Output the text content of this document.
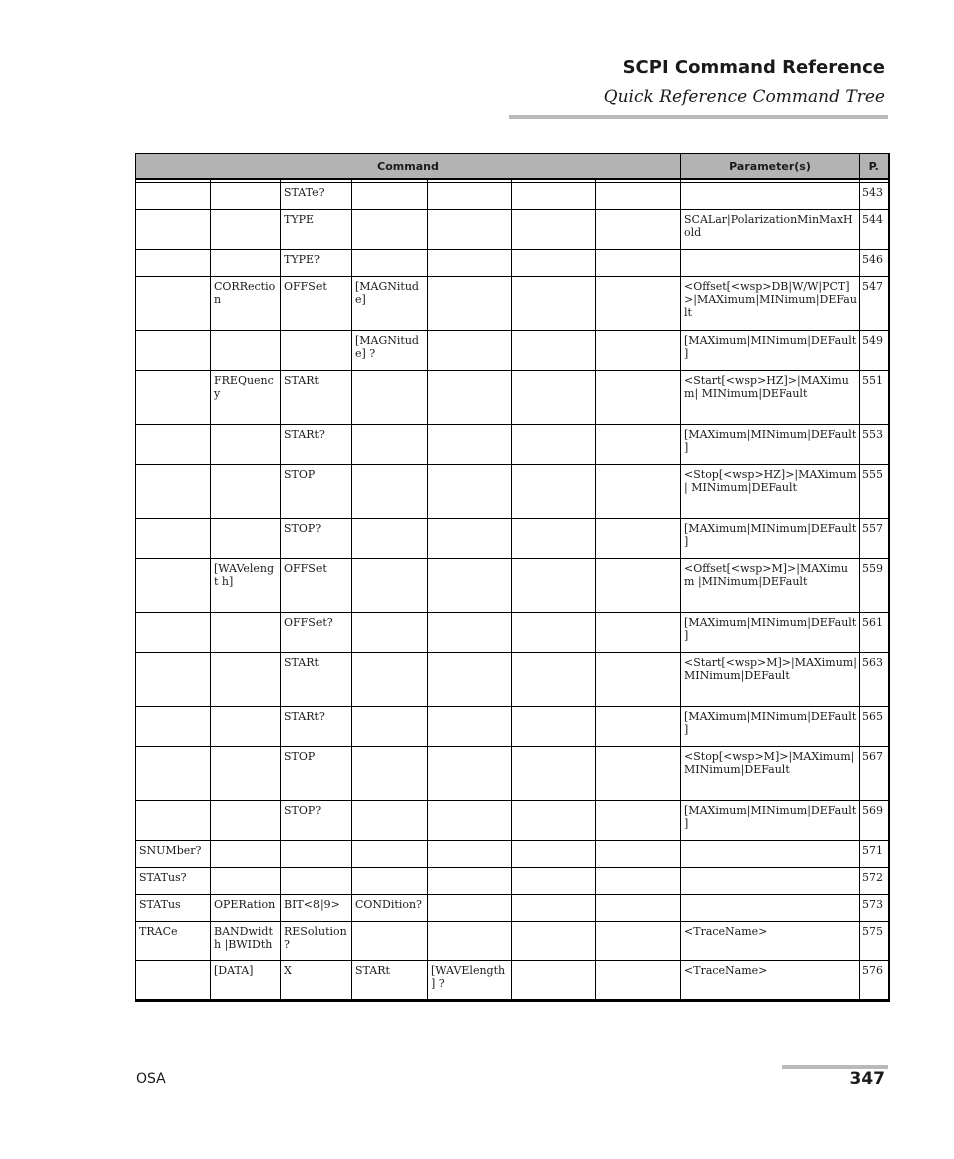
SCPI Command Reference
Quick Reference Command Tree
Command							Parameter(s)	P.

		STATe?						543
		TYPE					SCALar|PolarizationMinMaxHold	544
		TYPE?						546
	CORRectio n	OFFSet	[MAGNitude]				<Offset[<wsp>DB|W/W|PCT] >|MAXimum|MINimum|DEFault	547
			[MAGNitude] ?				[MAXimum|MINimum|DEFault]	549
	FREQuency	STARt					<Start[<wsp>HZ]>|MAXimum| MINimum|DEFault	551
		STARt?					[MAXimum|MINimum|DEFault]	553
		STOP					<Stop[<wsp>HZ]>|MAXimum| MINimum|DEFault	555
		STOP?					[MAXimum|MINimum|DEFault]	557
	[WAVelengt h]	OFFSet					<Offset[<wsp>M]>|MAXimum |MINimum|DEFault	559
		OFFSet?					[MAXimum|MINimum|DEFault]	561
		STARt					<Start[<wsp>M]>|MAXimum| MINimum|DEFault	563
		STARt?					[MAXimum|MINimum|DEFault]	565
		STOP					<Stop[<wsp>M]>|MAXimum| MINimum|DEFault	567
		STOP?					[MAXimum|MINimum|DEFault]	569
SNUMber?								571
STATus?								572
STATus	OPERation	BIT<8|9>	CONDition?					573
TRACe	BANDwidth |BWIDth	RESolution?					<TraceName>	575
	[DATA]	X	STARt	[WAVElength] ?			<TraceName>	576
OSA	347
